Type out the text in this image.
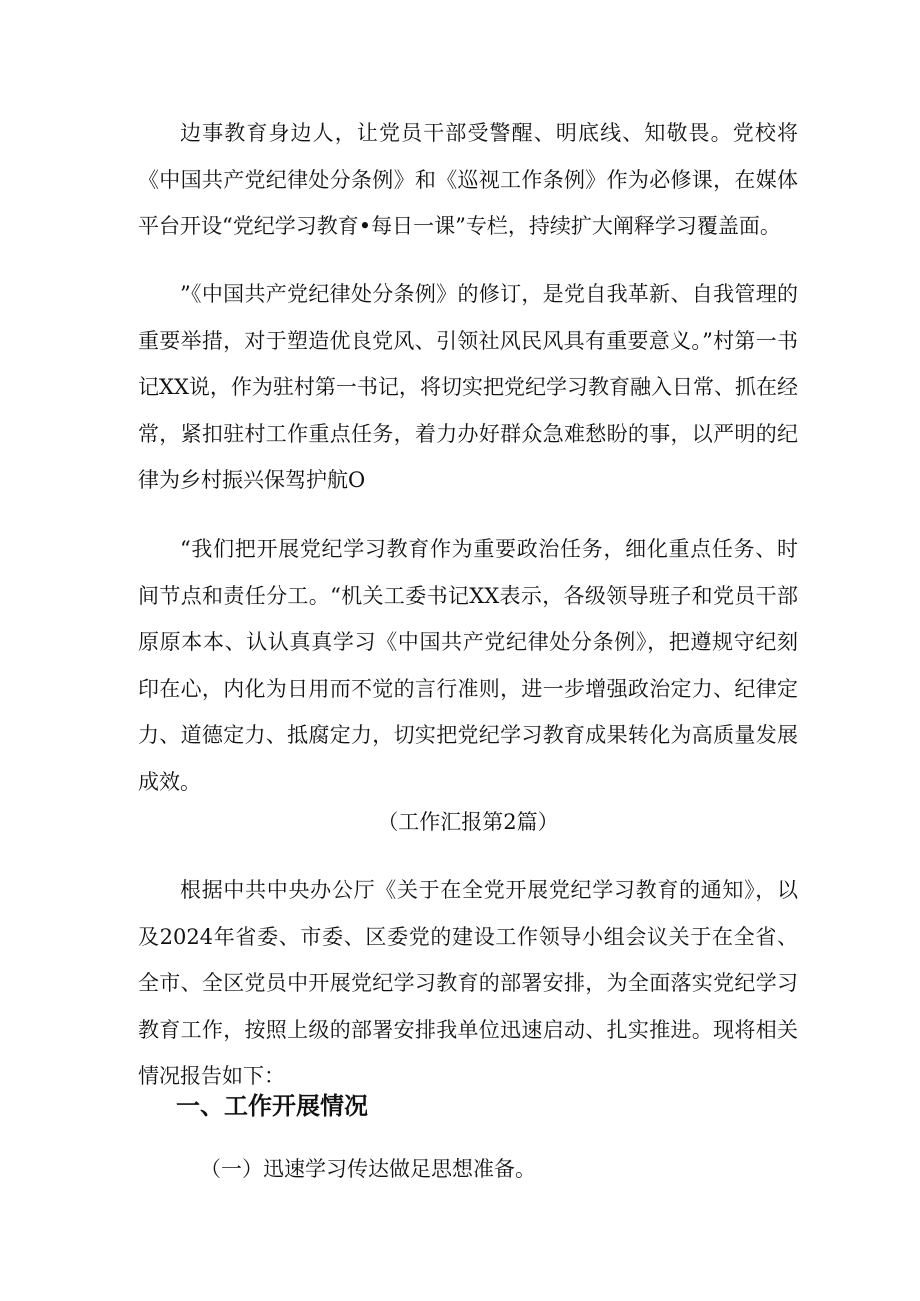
边事教育身边人，让党员干部受警醒、明底线、知敬畏。党校将《中国共产党纪律处分条例》和《巡视工作条例》作为必修课，在媒体平台开设“党纪学习教育•每日一课”专栏，持续扩大阐释学习覆盖面。

”《中国共产党纪律处分条例》的修订，是党自我革新、自我管理的重要举措，对于塑造优良党风、引领社风民风具有重要意义。”村第一书记XX说，作为驻村第一书记，将切实把党纪学习教育融入日常、抓在经常，紧扣驻村工作重点任务，着力办好群众急难愁盼的事，以严明的纪律为乡村振兴保驾护航O

“我们把开展党纪学习教育作为重要政治任务，细化重点任务、时间节点和责任分工。“机关工委书记XX表示，各级领导班子和党员干部原原本本、认认真真学习《中国共产党纪律处分条例》，把遵规守纪刻印在心，内化为日用而不觉的言行准则，进一步增强政治定力、纪律定力、道德定力、抵腐定力，切实把党纪学习教育成果转化为高质量发展成效。

（工作汇报第2篇）

根据中共中央办公厅《关于在全党开展党纪学习教育的通知》，以及2024年省委、市委、区委党的建设工作领导小组会议关于在全省、全市、全区党员中开展党纪学习教育的部署安排，为全面落实党纪学习教育工作，按照上级的部署安排我单位迅速启动、扎实推进。现将相关情况报告如下：

一、工作开展情况

（一）迅速学习传达做足思想准备。
